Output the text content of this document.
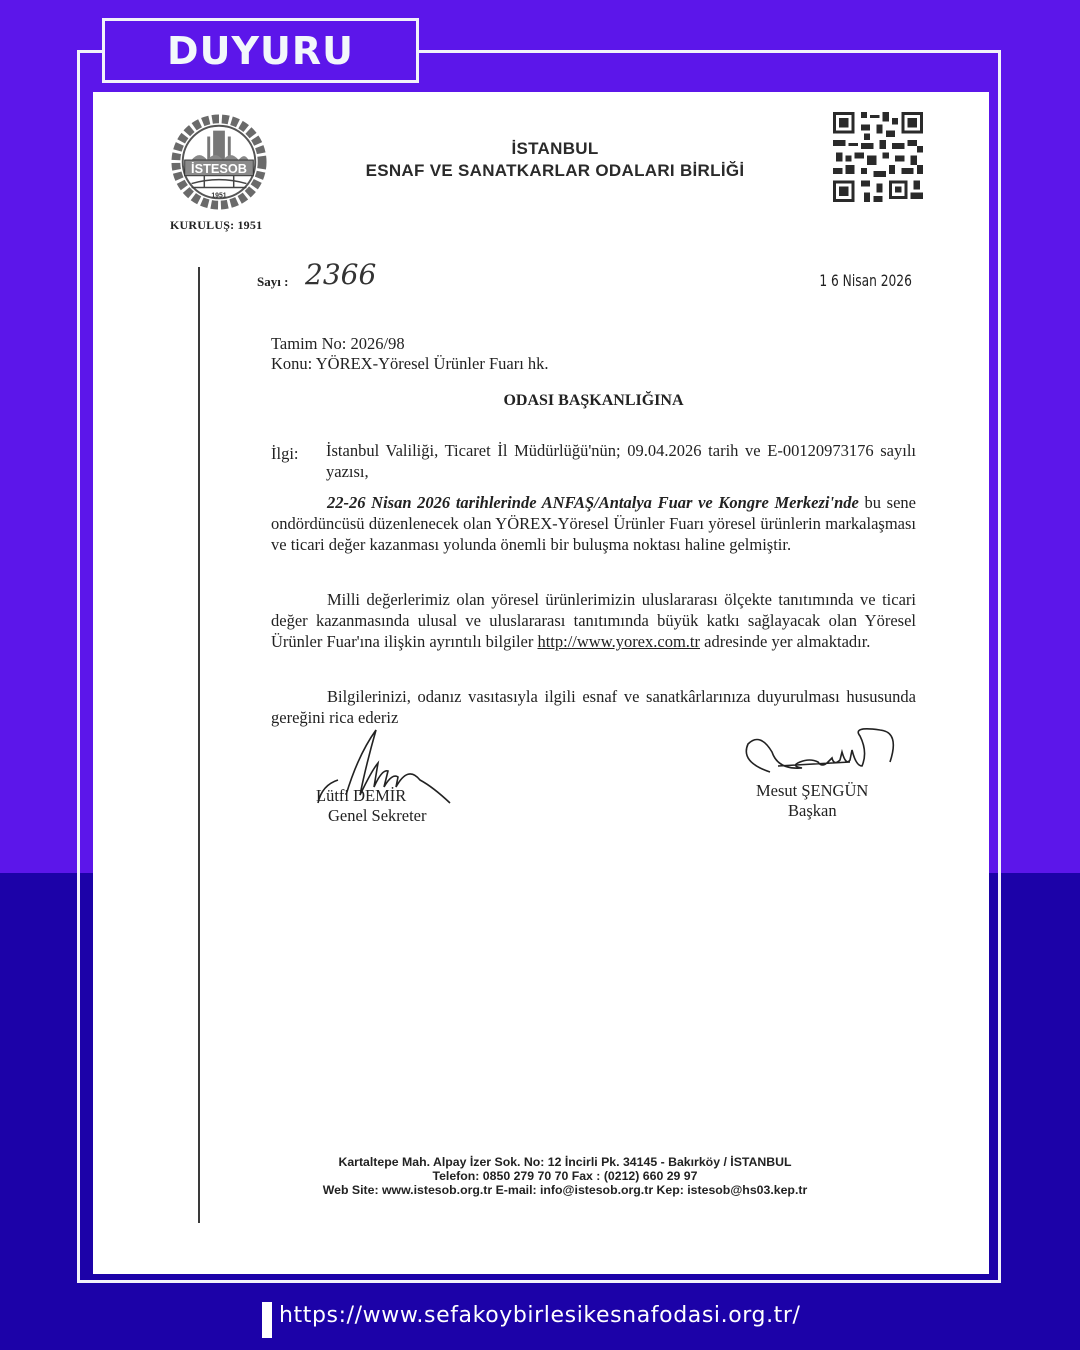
DUYURU
İSTESOB
1951
KURULUŞ: 1951
İSTANBUL
ESNAF VE SANATKARLAR ODALARI BİRLİĞİ
Sayı : 2366	1 6 Nisan 2026
Tamim No: 2026/98
Konu: YÖREX-Yöresel Ürünler Fuarı hk.
ODASI BAŞKANLIĞINA
İlgi: İstanbul Valiliği, Ticaret İl Müdürlüğü'nün; 09.04.2026 tarih ve E-00120973176 sayılı yazısı,
22-26 Nisan 2026 tarihlerinde ANFAŞ/Antalya Fuar ve Kongre Merkezi'nde bu sene ondördüncüsü düzenlenecek olan YÖREX-Yöresel Ürünler Fuarı yöresel ürünlerin markalaşması ve ticari değer kazanması yolunda önemli bir buluşma noktası haline gelmiştir.
Milli değerlerimiz olan yöresel ürünlerimizin uluslararası ölçekte tanıtımında ve ticari değer kazanmasında ulusal ve uluslararası tanıtımında büyük katkı sağlayacak olan Yöresel Ürünler Fuar'ına ilişkin ayrıntılı bilgiler http://www.yorex.com.tr adresinde yer almaktadır.
Bilgilerinizi, odanız vasıtasıyla ilgili esnaf ve sanatkârlarınıza duyurulması hususunda gereğini rica ederiz
Lütfi DEMİR
Genel Sekreter
Mesut ŞENGÜN
Başkan
Kartaltepe Mah. Alpay İzer Sok. No: 12 İncirli Pk. 34145 - Bakırköy / İSTANBUL
Telefon: 0850 279 70 70 Fax : (0212) 660 29 97
Web Site: www.istesob.org.tr E-mail: info@istesob.org.tr Kep: istesob@hs03.kep.tr
https://www.sefakoybirlesikesnafodasi.org.tr/
